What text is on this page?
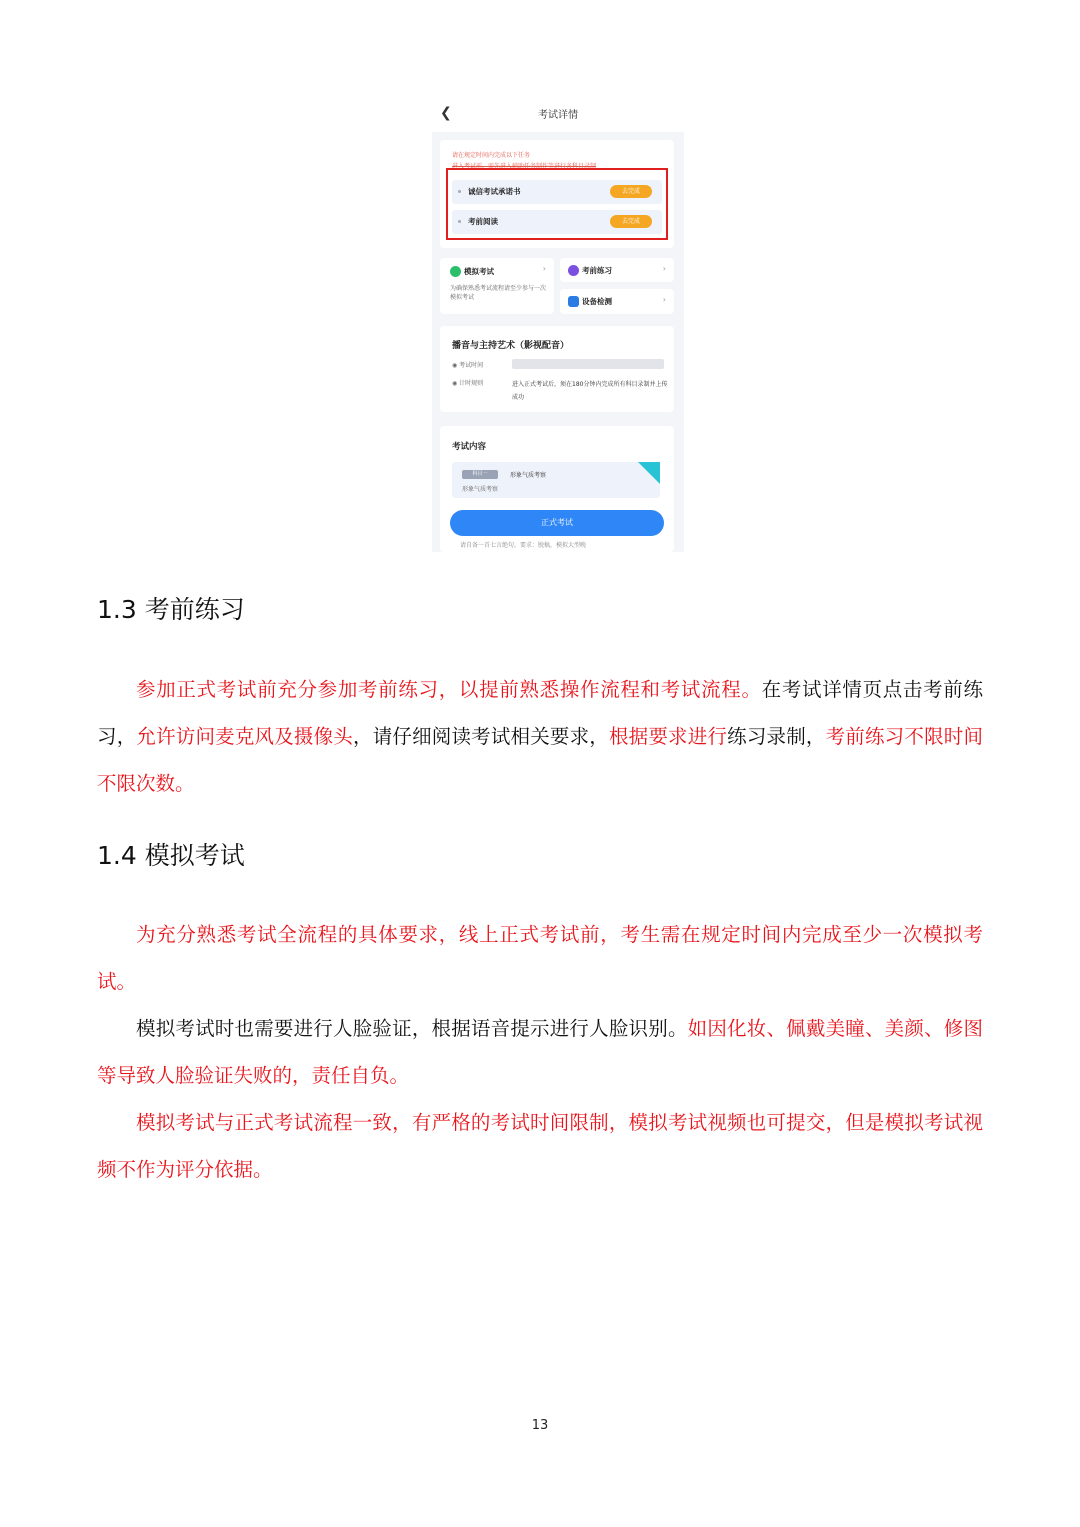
❮	考试详情
请在规定时间内完成以下任务
进入考试前，需先进入辅助任务制作等进行各科目录制
诚信考试承诺书	去完成
考前阅读	去完成
模拟考试	›
为确保熟悉考试流程请至少参与一次模拟考试
考前练习	›
设备检测	›
播音与主持艺术（影视配音）
◉ 考试时间
◉ 计时规则	进入正式考试后，须在180分钟内完成所有科目录制并上传成功
考试内容
科目一	形象气质考察
形象气质考察
正式考试
请自备一首七言绝句。要求：脱稿，模拟大型晚
1.3 考前练习
参加正式考试前充分参加考前练习，以提前熟悉操作流程和考试流程。在考试详情页点击考前练习，允许访问麦克风及摄像头，请仔细阅读考试相关要求，根据要求进行练习录制，考前练习不限时间不限次数。
1.4 模拟考试
为充分熟悉考试全流程的具体要求，线上正式考试前，考生需在规定时间内完成至少一次模拟考试。
模拟考试时也需要进行人脸验证，根据语音提示进行人脸识别。如因化妆、佩戴美瞳、美颜、修图等导致人脸验证失败的，责任自负。
模拟考试与正式考试流程一致，有严格的考试时间限制，模拟考试视频也可提交，但是模拟考试视频不作为评分依据。
13
